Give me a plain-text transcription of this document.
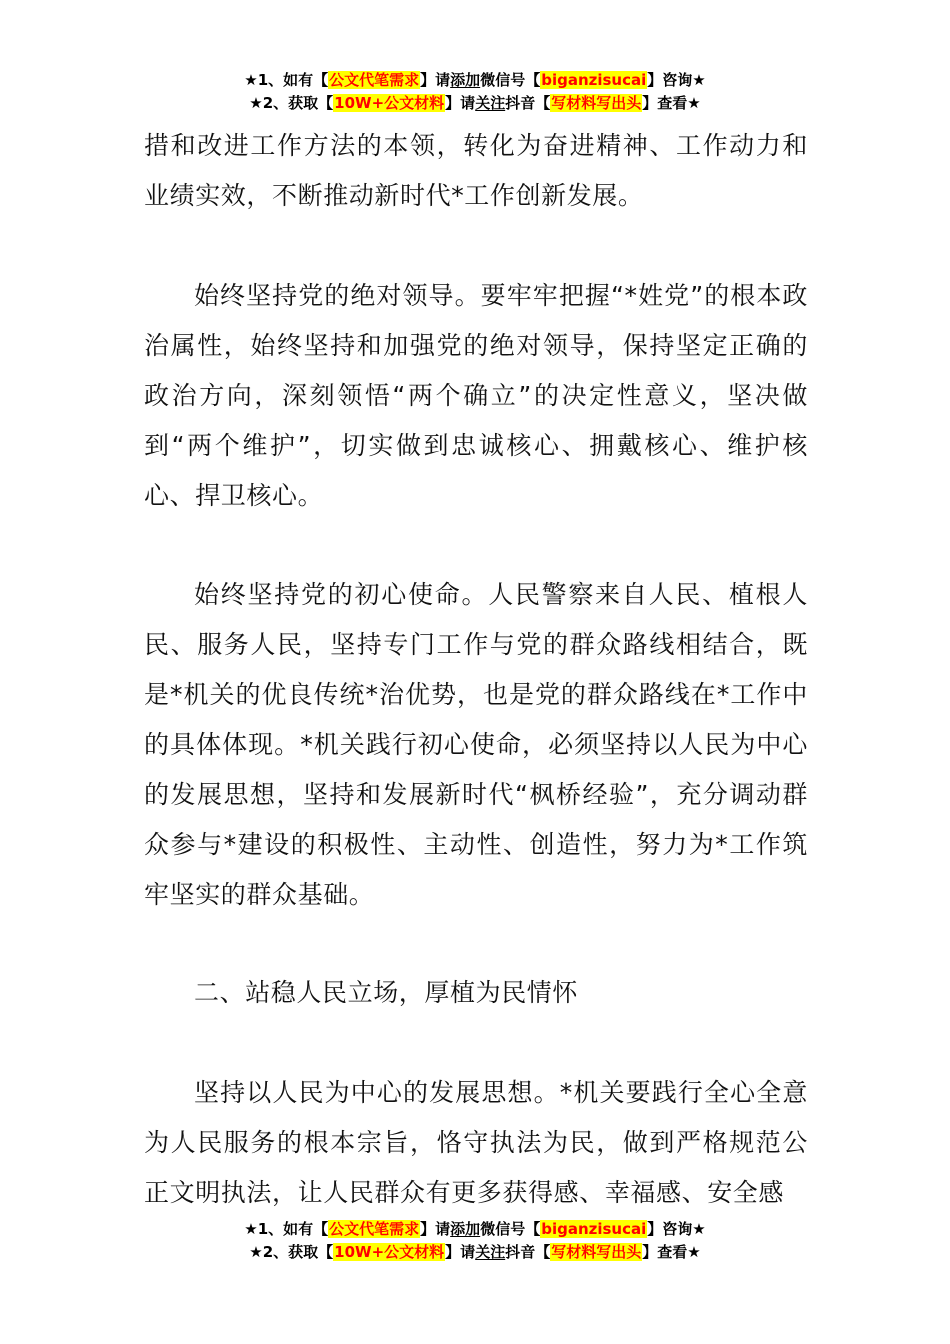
★1、如有【公文代笔需求】请添加微信号【biganzisucai】咨询★
★2、获取【10W+公文材料】请关注抖音【写材料写出头】查看★

措和改进工作方法的本领，转化为奋进精神、工作动力和业绩实效，不断推动新时代*工作创新发展。

始终坚持党的绝对领导。要牢牢把握“*姓党”的根本政治属性，始终坚持和加强党的绝对领导，保持坚定正确的政治方向，深刻领悟“两个确立”的决定性意义，坚决做到“两个维护”，切实做到忠诚核心、拥戴核心、维护核心、捍卫核心。

始终坚持党的初心使命。人民警察来自人民、植根人民、服务人民，坚持专门工作与党的群众路线相结合，既是*机关的优良传统*治优势，也是党的群众路线在*工作中的具体体现。*机关践行初心使命，必须坚持以人民为中心的发展思想，坚持和发展新时代“枫桥经验”，充分调动群众参与*建设的积极性、主动性、创造性，努力为*工作筑牢坚实的群众基础。

二、站稳人民立场，厚植为民情怀

坚持以人民为中心的发展思想。*机关要践行全心全意为人民服务的根本宗旨，恪守执法为民，做到严格规范公正文明执法，让人民群众有更多获得感、幸福感、安全感

★1、如有【公文代笔需求】请添加微信号【biganzisucai】咨询★
★2、获取【10W+公文材料】请关注抖音【写材料写出头】查看★
